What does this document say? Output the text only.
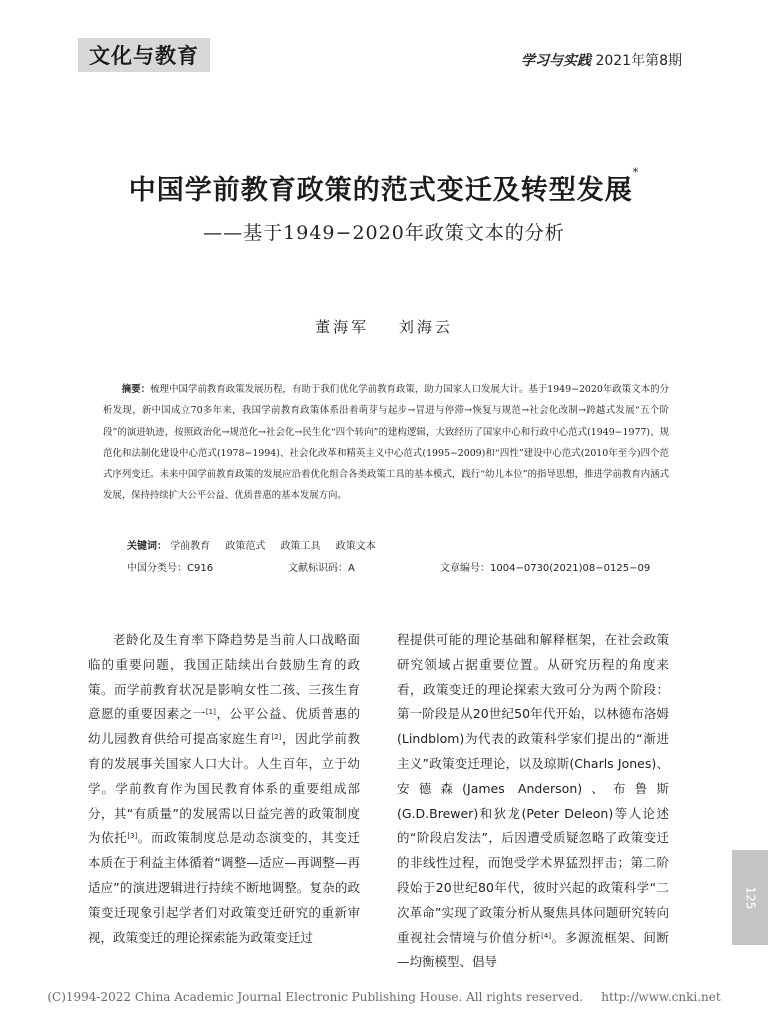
文化与教育	学习与实践 2021年第8期
中国学前教育政策的范式变迁及转型发展*
——基于1949−2020年政策文本的分析
董海军 刘海云
摘要：梳理中国学前教育政策发展历程，有助于我们优化学前教育政策，助力国家人口发展大计。基于1949−2020年政策文本的分析发现，新中国成立70多年来，我国学前教育政策体系沿着萌芽与起步→冒进与停滞→恢复与规范→社会化改制→跨越式发展“五个阶段”的演进轨迹，按照政治化→规范化→社会化→民生化“四个转向”的建构逻辑，大致经历了国家中心和行政中心范式(1949−1977)、规范化和法制化建设中心范式(1978−1994)、社会化改革和精英主义中心范式(1995−2009)和“四性”建设中心范式(2010年至今)四个范式序列变迁。未来中国学前教育政策的发展应沿着优化组合各类政策工具的基本模式，践行“幼儿本位”的指导思想，推进学前教育内涵式发展，保持持续扩大公平公益、优质普惠的基本发展方向。
关键词： 学前教育 政策范式 政策工具 政策文本
中国分类号：C916	文献标识码：A	文章编号：1004−0730(2021)08−0125−09
老龄化及生育率下降趋势是当前人口战略面临的重要问题，我国正陆续出台鼓励生育的政策。而学前教育状况是影响女性二孩、三孩生育意愿的重要因素之一[1]，公平公益、优质普惠的幼儿园教育供给可提高家庭生育[2]，因此学前教育的发展事关国家人口大计。人生百年，立于幼学。学前教育作为国民教育体系的重要组成部分，其“有质量”的发展需以日益完善的政策制度为依托[3]。而政策制度总是动态演变的，其变迁本质在于利益主体循着“调整—适应—再调整—再适应”的演进逻辑进行持续不断地调整。复杂的政策变迁现象引起学者们对政策变迁研究的重新审视，政策变迁的理论探索能为政策变迁过
程提供可能的理论基础和解释框架，在社会政策研究领域占据重要位置。从研究历程的角度来看，政策变迁的理论探索大致可分为两个阶段：第一阶段是从20世纪50年代开始，以林德布洛姆(Lindblom)为代表的政策科学家们提出的“渐进主义”政策变迁理论，以及琼斯(Charls Jones)、安德森(James Anderson)、布鲁斯(G.D.Brewer)和狄龙(Peter Deleon)等人论述的“阶段启发法”，后因遭受质疑忽略了政策变迁的非线性过程，而饱受学术界猛烈抨击；第二阶段始于20世纪80年代，彼时兴起的政策科学“二次革命”实现了政策分析从聚焦具体问题研究转向重视社会情境与价值分析[4]。多源流框架、间断—均衡模型、倡导
125
(C)1994-2022 China Academic Journal Electronic Publishing House. All rights reserved. http://www.cnki.net
